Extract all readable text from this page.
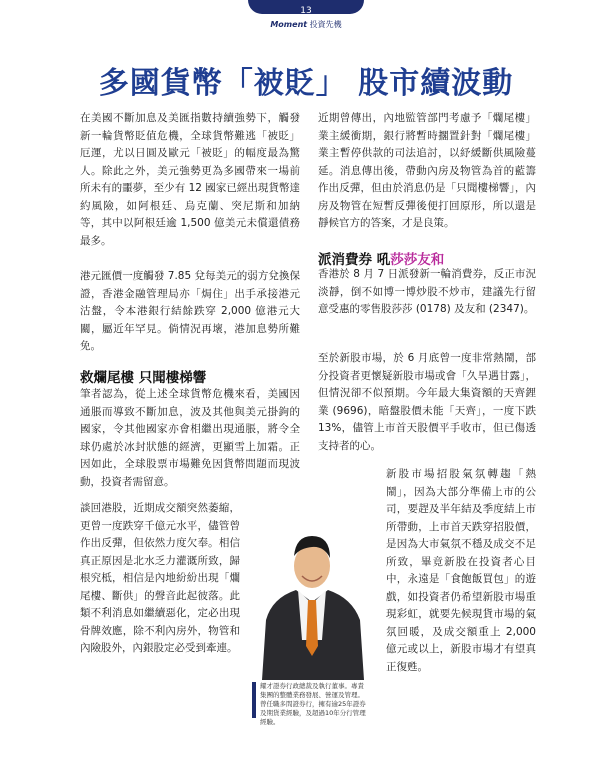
13
Moment 投資先機
多國貨幣「被貶」 股市續波動

在美國不斷加息及美匯指數持續強勢下，觸發新一輪貨幣貶值危機，全球貨幣難逃「被貶」厄運，尤以日圓及歐元「被貶」的幅度最為驚人。除此之外，美元強勢更為多國帶來一場前所未有的噩夢，至少有 12 國家已經出現貨幣達約風險，如阿根廷、烏克蘭、突尼斯和加納等，其中以阿根廷逾 1,500 億美元未償還債務最多。

港元匯價一度觸發 7.85 兌每美元的弱方兌換保證，香港金融管理局亦「焗住」出手承接港元沽盤，令本港銀行結餘跌穿 2,000 億港元大關，屬近年罕見。倘情況再壞，港加息勢所難免。

救爛尾樓 只聞樓梯響

筆者認為，從上述全球貨幣危機來看，美國因通脹而導致不斷加息，波及其他與美元掛鉤的國家，令其他國家亦會相繼出現通脹，將令全球仍處於冰封狀態的經濟，更顯雪上加霜。正因如此，全球股票市場難免因貨幣問題而現波動，投資者需留意。

談回港股，近期成交額突然萎縮，更曾一度跌穿千億元水平，儘管曾作出反彈，但依然力度欠奉。相信真正原因是北水乏力灌溉所致，歸根究柢，相信是內地紛紛出現「爛尾樓、斷供」的聲音此起彼落。此類不利消息如繼續惡化，定必出現骨牌效應，除不利內房外，物管和內險股外，內銀股定必受到牽連。

近期曾傳出，內地監管部門考慮予「爛尾樓」業主緩衝期，銀行將暫時擱置針對「爛尾樓」業主暫停供款的司法追討，以紓緩斷供風險蔓延。消息傳出後，帶動內房及物管為首的藍籌作出反彈，但由於消息仍是「只聞樓梯響」，內房及物管在短暫反彈後便打回原形，所以還是靜候官方的答案，才是良策。

派消費券 吼莎莎友和

香港於 8 月 7 日派發新一輪消費券，反正市況淡靜，倒不如博一博炒股不炒市，建議先行留意受惠的零售股莎莎 (0178) 及友和 (2347)。

至於新股市場，於 6 月底曾一度非常熱鬧，部分投資者更懷疑新股市場或會「久旱遇甘露」，但情況卻不似預期。今年最大集資額的天齊鋰業 (9696)，暗盤股價未能「天齊」，一度下跌 13%，儘管上市首天股價平手收市，但已傷透支持者的心。

新股市場招股氣氛轉趨「熱鬧」，因為大部分準備上市的公司，要趕及半年結及季度結上市所帶動，上市首天跌穿招股價，是因為大市氣氛不穩及成交不足所致，畢竟新股在投資者心目中，永遠是「食飽飯買包」的遊戲，如投資者仍希望新股市場重現彩虹，就要先候現貨市場的氣氛回暖，及成交額重上 2,000 億元或以上，新股市場才有望真正復甦。

耀才證券行政總裁及執行董事。專責集團的整體業務發展、營運及管理。曾任職多間證券行，擁有逾25年證券及期貨業經驗，及超過10年分行管理經驗。
